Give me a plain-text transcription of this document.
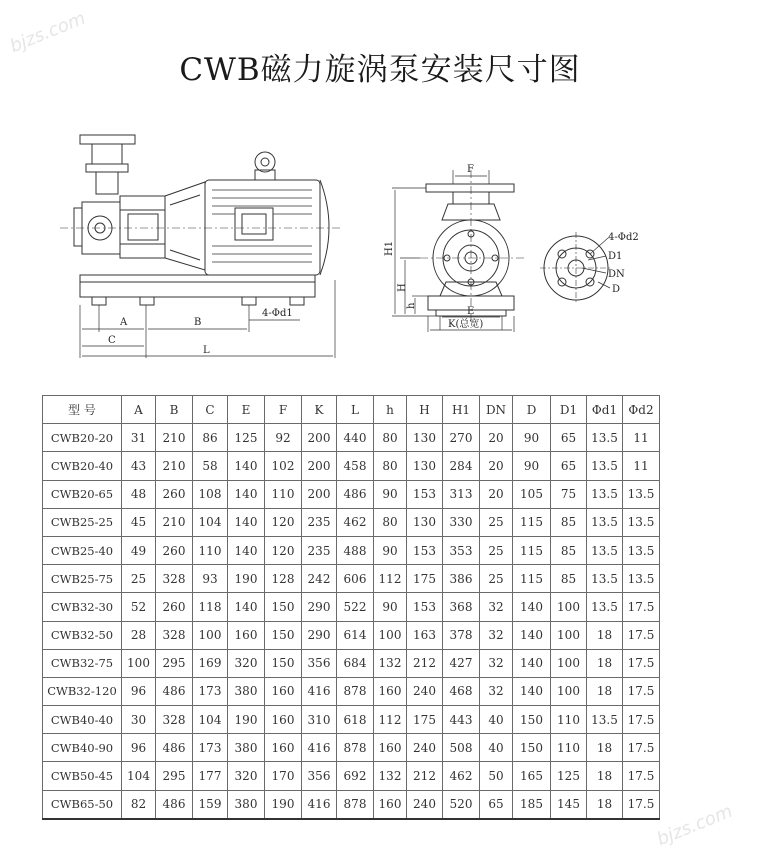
bjzs.com
bjzs.com
CWB磁力旋涡泵安装尺寸图
A	B
C
L
4-Φd1
F
H1
H
h
E
K(总宽)
4-Φd2
D1
DN
D
型 号	A	B	C	E	F	K	L	h	H	H1	DN	D	D1	Φd1	Φd2
CWB20-20	31	210	86	125	92	200	440	80	130	270	20	90	65	13.5	11
CWB20-40	43	210	58	140	102	200	458	80	130	284	20	90	65	13.5	11
CWB20-65	48	260	108	140	110	200	486	90	153	313	20	105	75	13.5	13.5
CWB25-25	45	210	104	140	120	235	462	80	130	330	25	115	85	13.5	13.5
CWB25-40	49	260	110	140	120	235	488	90	153	353	25	115	85	13.5	13.5
CWB25-75	25	328	93	190	128	242	606	112	175	386	25	115	85	13.5	13.5
CWB32-30	52	260	118	140	150	290	522	90	153	368	32	140	100	13.5	17.5
CWB32-50	28	328	100	160	150	290	614	100	163	378	32	140	100	18	17.5
CWB32-75	100	295	169	320	150	356	684	132	212	427	32	140	100	18	17.5
CWB32-120	96	486	173	380	160	416	878	160	240	468	32	140	100	18	17.5
CWB40-40	30	328	104	190	160	310	618	112	175	443	40	150	110	13.5	17.5
CWB40-90	96	486	173	380	160	416	878	160	240	508	40	150	110	18	17.5
CWB50-45	104	295	177	320	170	356	692	132	212	462	50	165	125	18	17.5
CWB65-50	82	486	159	380	190	416	878	160	240	520	65	185	145	18	17.5
